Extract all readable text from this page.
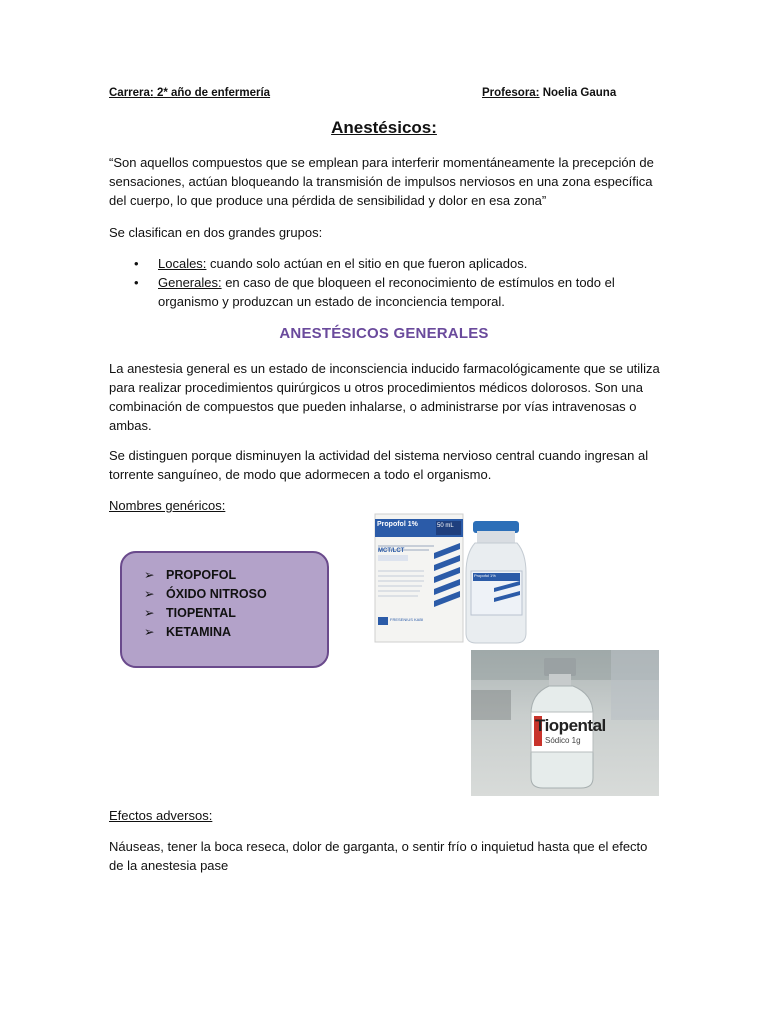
Carrera: 2* año de enfermería	Profesora: Noelia Gauna
Anestésicos:
“Son aquellos compuestos que se emplean para interferir momentáneamente la precepción de sensaciones, actúan bloqueando la transmisión de impulsos nerviosos en una zona específica del cuerpo, lo que produce una pérdida de sensibilidad y dolor en esa zona”
Se clasifican en dos grandes grupos:
• Locales: cuando solo actúan en el sitio en que fueron aplicados.
• Generales: en caso de que bloqueen el reconocimiento de estímulos en todo el organismo y produzcan un estado de inconciencia temporal.
ANESTÉSICOS GENERALES
La anestesia general es un estado de inconsciencia inducido farmacológicamente que se utiliza para realizar procedimientos quirúrgicos u otros procedimientos médicos dolorosos. Son una combinación de compuestos que pueden inhalarse, o administrarse por vías intravenosas o ambas.
Se distinguen porque disminuyen la actividad del sistema nervioso central cuando ingresan al torrente sanguíneo, de modo que adormecen a todo el organismo.
Nombres genéricos:
➢ PROPOFOL
➢ ÓXIDO NITROSO
➢ TIOPENTAL
➢ KETAMINA
Tiopental
Sódico 1g
Propofol 1%	50 mL
MCT/LCT
FRESENIUS KABI
Propofol 1%
Efectos adversos:
Náuseas, tener la boca reseca, dolor de garganta, o sentir frío o inquietud hasta que el efecto de la anestesia pase
